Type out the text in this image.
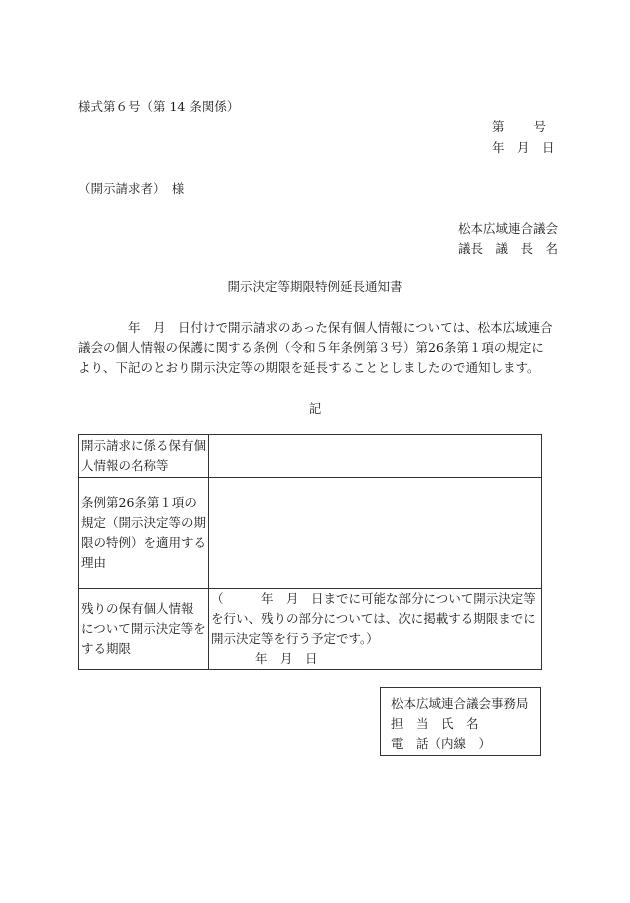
様式第６号（第 14 条関係）
第　　 号
年　月　日
（開示請求者）　様
松本広域連合議会
議長　議　長　名
開示決定等期限特例延長通知書
　　　　年　月　日付けで開示請求のあった保有個人情報については、松本広域連合議会の個人情報の保護に関する条例（令和５年条例第３号）第26条第１項の規定により、下記のとおり開示決定等の期限を延長することとしましたので通知します。
記
開示請求に係る保有個人情報の名称等	
条例第26条第１項の規定（開示決定等の期限の特例）を適用する理由	
残りの保有個人情報について開示決定等をする期限	（　　　年　月　日までに可能な部分について開示決定等を行い、残りの部分については、次に掲載する期限までに開示決定等を行う予定です。）
年　月　日
松本広域連合議会事務局
担　当　氏　名
電　話（内線　）
